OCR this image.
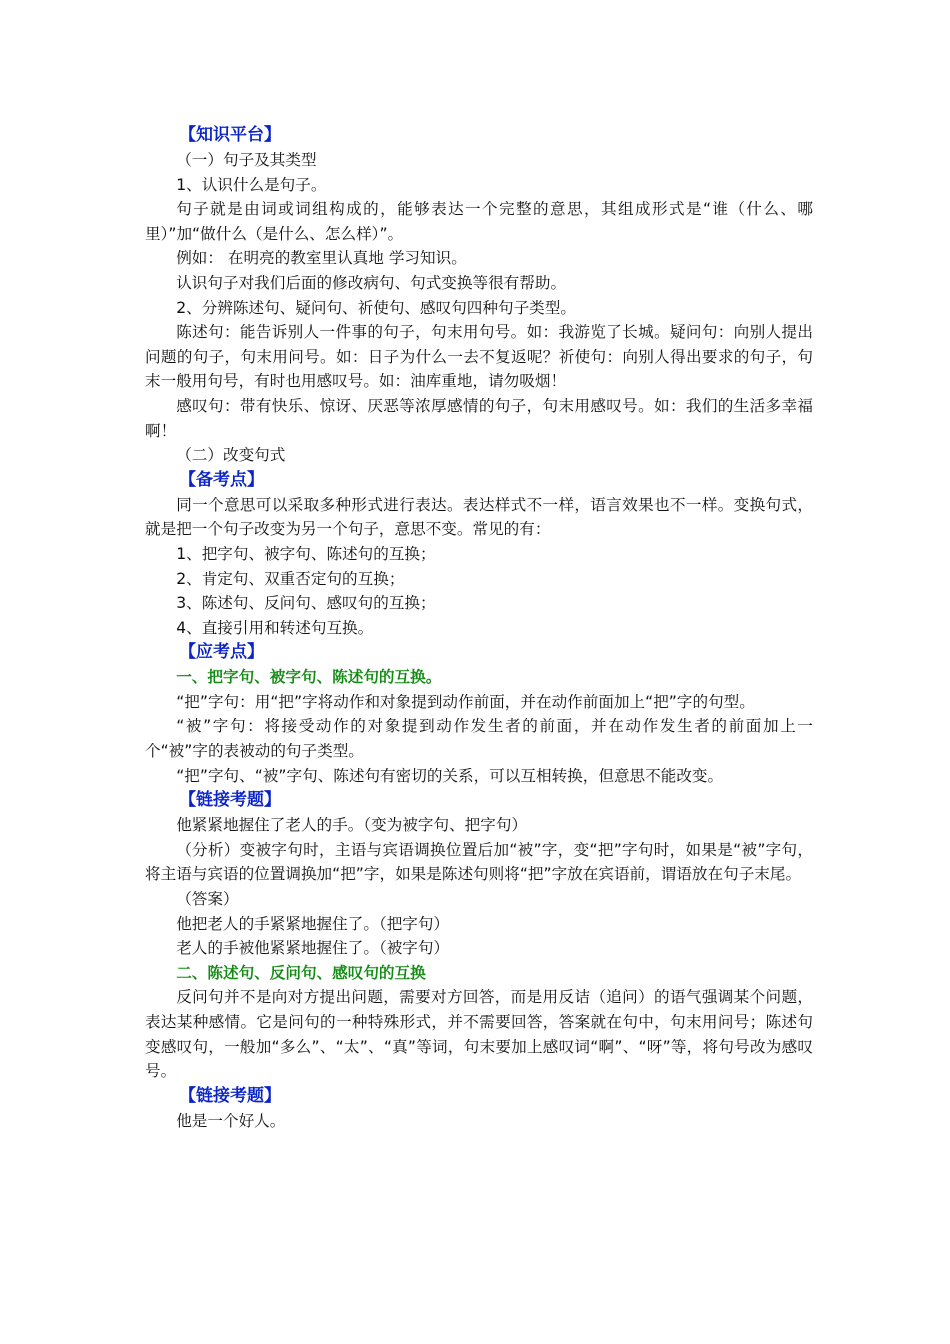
【知识平台】
（一）句子及其类型
1、认识什么是句子。
句子就是由词或词组构成的，能够表达一个完整的意思，其组成形式是“谁（什么、哪里）”加“做什么（是什么、怎么样）”。
例如： 在明亮的教室里认真地 学习知识。
认识句子对我们后面的修改病句、句式变换等很有帮助。
2、分辨陈述句、疑问句、祈使句、感叹句四种句子类型。
陈述句：能告诉别人一件事的句子，句末用句号。如：我游览了长城。疑问句：向别人提出问题的句子，句末用问号。如：日子为什么一去不复返呢？祈使句：向别人得出要求的句子，句末一般用句号，有时也用感叹号。如：油库重地，请勿吸烟！
感叹句：带有快乐、惊讶、厌恶等浓厚感情的句子，句末用感叹号。如：我们的生活多幸福啊！
（二）改变句式
【备考点】
同一个意思可以采取多种形式进行表达。表达样式不一样，语言效果也不一样。变换句式，就是把一个句子改变为另一个句子，意思不变。常见的有：
1、把字句、被字句、陈述句的互换；
2、肯定句、双重否定句的互换；
3、陈述句、反问句、感叹句的互换；
4、直接引用和转述句互换。
【应考点】
一、把字句、被字句、陈述句的互换。
“把”字句：用“把”字将动作和对象提到动作前面，并在动作前面加上“把”字的句型。
“被”字句：将接受动作的对象提到动作发生者的前面，并在动作发生者的前面加上一个“被”字的表被动的句子类型。
“把”字句、“被”字句、陈述句有密切的关系，可以互相转换，但意思不能改变。
【链接考题】
他紧紧地握住了老人的手。（变为被字句、把字句）
（分析）变被字句时，主语与宾语调换位置后加“被”字，变“把”字句时，如果是“被”字句，将主语与宾语的位置调换加“把”字，如果是陈述句则将“把”字放在宾语前，谓语放在句子末尾。
（答案）
他把老人的手紧紧地握住了。（把字句）
老人的手被他紧紧地握住了。（被字句）
二、陈述句、反问句、感叹句的互换
反问句并不是向对方提出问题，需要对方回答，而是用反诘（追问）的语气强调某个问题，表达某种感情。它是问句的一种特殊形式，并不需要回答，答案就在句中，句末用问号；陈述句变感叹句，一般加“多么”、“太”、“真”等词，句末要加上感叹词“啊”、“呀”等，将句号改为感叹号。
【链接考题】
他是一个好人。
